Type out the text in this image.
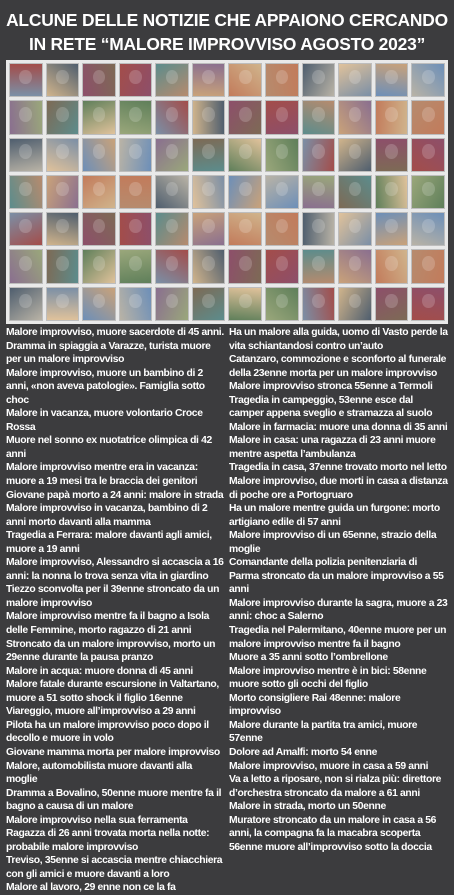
ALCUNE DELLE NOTIZIE CHE APPAIONO CERCANDO
IN RETE “MALORE IMPROVVISO AGOSTO 2023”

Malore improvviso, muore sacerdote di 45 anni.

Dramma in spiaggia a Varazze, turista muore per un malore improvviso

Malore improvviso, muore un bambino di 2 anni, «non aveva patologie». Famiglia sotto choc

Malore in vacanza, muore volontario Croce Rossa

Muore nel sonno ex nuotatrice olimpica di 42 anni

Malore improvviso mentre era in vacanza: muore a 19 mesi tra le braccia dei genitori

Giovane papà morto a 24 anni: malore in strada

Malore improvviso in vacanza, bambino di 2 anni morto davanti alla mamma

Tragedia a Ferrara: malore davanti agli amici, muore a 19 anni

Malore improvviso, Alessandro si accascia a 16 anni: la nonna lo trova senza vita in giardino

Tiezzo sconvolta per il 39enne stroncato da un malore improvviso

Malore improvviso mentre fa il bagno a Isola delle Femmine, morto ragazzo di 21 anni

Stroncato da un malore improvviso, morto un 29enne durante la pausa pranzo

Malore in acqua: muore donna di 45 anni

Malore fatale durante escursione in Valtartano, muore a 51 sotto shock il figlio 16enne

Viareggio, muore all’improvviso a 29 anni

Pilota ha un malore improvviso poco dopo il decollo e muore in volo

Giovane mamma morta per malore improvviso

Malore, automobilista muore davanti alla moglie

Dramma a Bovalino, 50enne muore mentre fa il bagno a causa di un malore

Malore improvviso nella sua ferramenta

Ragazza di 26 anni trovata morta nella notte: probabile malore improvviso

Treviso, 35enne si accascia mentre chiacchiera con gli amici e muore davanti a loro

Malore al lavoro, 29 enne non ce la fa

Ha un malore alla guida, uomo di Vasto perde la vita schiantandosi contro un’auto

Catanzaro, commozione e sconforto al funerale della 23enne morta per un malore improvviso

Malore improvviso stronca 55enne a Termoli

Tragedia in campeggio, 53enne esce dal camper appena sveglio e stramazza al suolo

Malore in farmacia: muore una donna di 35 anni

Malore in casa: una ragazza di 23 anni muore mentre aspetta l’ambulanza

Tragedia in casa, 37enne trovato morto nel letto

Malore improvviso, due morti in casa a distanza di poche ore a Portogruaro

Ha un malore mentre guida un furgone: morto artigiano edile di 57 anni

Malore improvviso di un 65enne, strazio della moglie

Comandante della polizia penitenziaria di Parma stroncato da un malore improvviso a 55 anni

Malore improvviso durante la sagra, muore a 23 anni: choc a Salerno

Tragedia nel Palermitano, 40enne muore per un malore improvviso mentre fa il bagno

Muore a 35 anni sotto l’ombrellone

Malore improvviso mentre è in bici: 58enne muore sotto gli occhi del figlio

Morto consigliere Rai 48enne: malore improvviso

Malore durante la partita tra amici, muore 57enne

Dolore ad Amalfi: morto 54 enne

Malore improvviso, muore in casa a 59 anni

Va a letto a riposare, non si rialza più: direttore d’orchestra stroncato da malore a 61 anni

Malore in strada, morto un 50enne

Muratore stroncato da un malore in casa a 56 anni, la compagna fa la macabra scoperta

56enne muore all’improvviso sotto la doccia
